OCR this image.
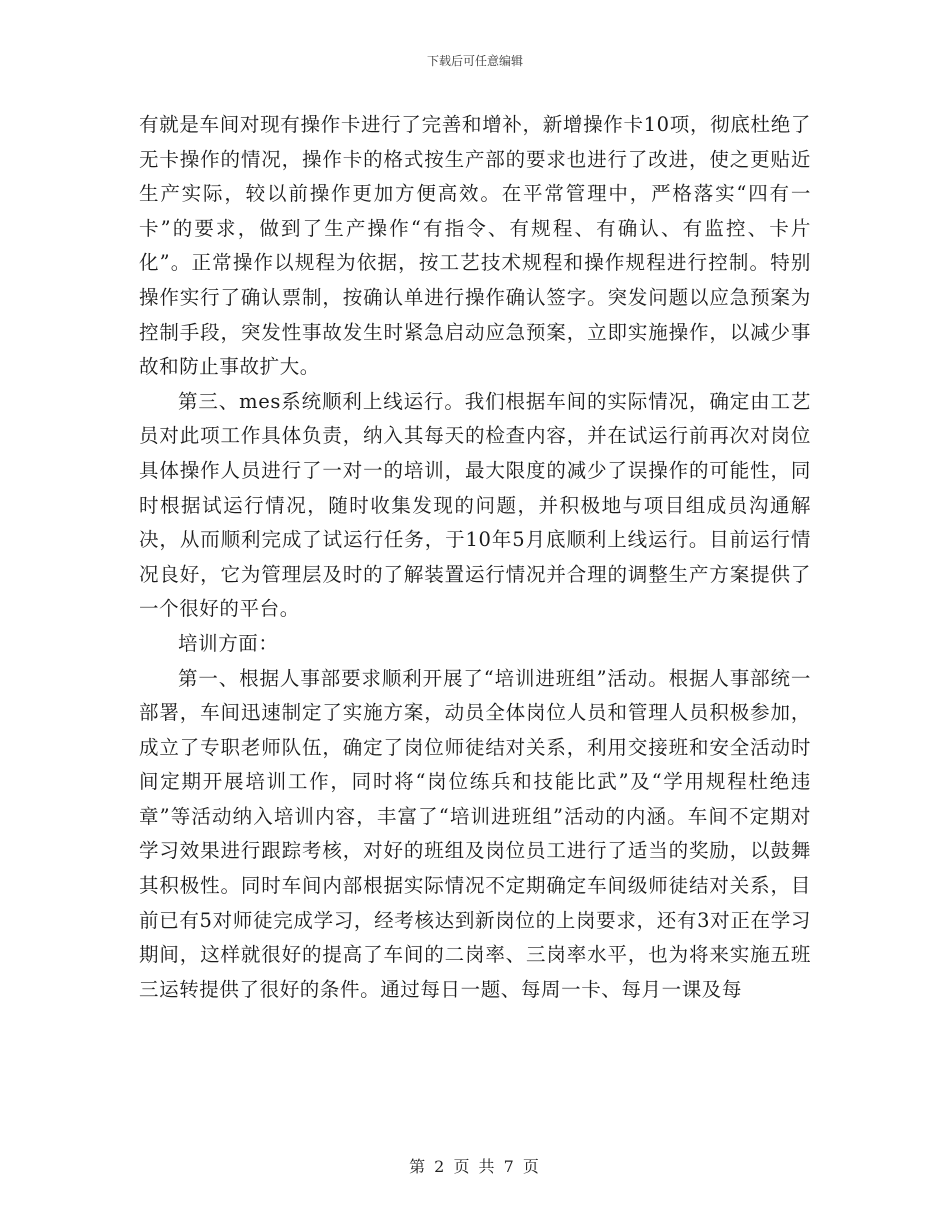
下载后可任意编辑

有就是车间对现有操作卡进行了完善和增补，新增操作卡10项，彻底杜绝了无卡操作的情况，操作卡的格式按生产部的要求也进行了改进，使之更贴近生产实际，较以前操作更加方便高效。在平常管理中，严格落实“四有一卡”的要求，做到了生产操作“有指令、有规程、有确认、有监控、卡片化”。正常操作以规程为依据，按工艺技术规程和操作规程进行控制。特别操作实行了确认票制，按确认单进行操作确认签字。突发问题以应急预案为控制手段，突发性事故发生时紧急启动应急预案，立即实施操作，以减少事故和防止事故扩大。

第三、mes系统顺利上线运行。我们根据车间的实际情况，确定由工艺员对此项工作具体负责，纳入其每天的检查内容，并在试运行前再次对岗位具体操作人员进行了一对一的培训，最大限度的减少了误操作的可能性，同时根据试运行情况，随时收集发现的问题，并积极地与项目组成员沟通解决，从而顺利完成了试运行任务，于10年5月底顺利上线运行。目前运行情况良好，它为管理层及时的了解装置运行情况并合理的调整生产方案提供了一个很好的平台。

培训方面：

第一、根据人事部要求顺利开展了“培训进班组”活动。根据人事部统一部署，车间迅速制定了实施方案，动员全体岗位人员和管理人员积极参加，成立了专职老师队伍，确定了岗位师徒结对关系，利用交接班和安全活动时间定期开展培训工作，同时将“岗位练兵和技能比武”及“学用规程杜绝违章”等活动纳入培训内容，丰富了“培训进班组”活动的内涵。车间不定期对学习效果进行跟踪考核，对好的班组及岗位员工进行了适当的奖励，以鼓舞其积极性。同时车间内部根据实际情况不定期确定车间级师徒结对关系，目前已有5对师徒完成学习，经考核达到新岗位的上岗要求，还有3对正在学习期间，这样就很好的提高了车间的二岗率、三岗率水平，也为将来实施五班三运转提供了很好的条件。通过每日一题、每周一卡、每月一课及每

第 2 页 共 7 页
